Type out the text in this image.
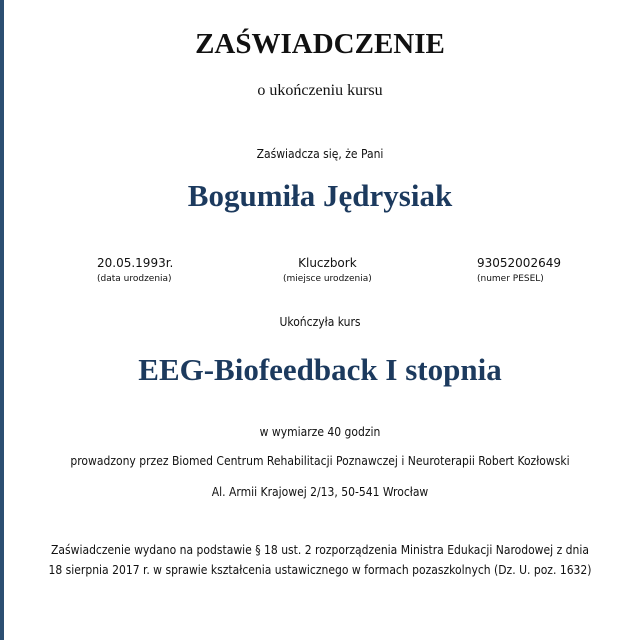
ZAŚWIADCZENIE
o ukończeniu kursu
Zaświadcza się, że Pani
Bogumiła Jędrysiak
20.05.1993r.
(data urodzenia)
Kluczbork
(miejsce urodzenia)
93052002649
(numer PESEL)
Ukończyła kurs
EEG-Biofeedback I stopnia
w wymiarze 40 godzin
prowadzony przez Biomed Centrum Rehabilitacji Poznawczej i Neuroterapii Robert Kozłowski
Al. Armii Krajowej 2/13, 50-541 Wrocław
Zaświadczenie wydano na podstawie § 18 ust. 2 rozporządzenia Ministra Edukacji Narodowej z dnia
18 sierpnia 2017 r. w sprawie kształcenia ustawicznego w formach pozaszkolnych (Dz. U. poz. 1632)
